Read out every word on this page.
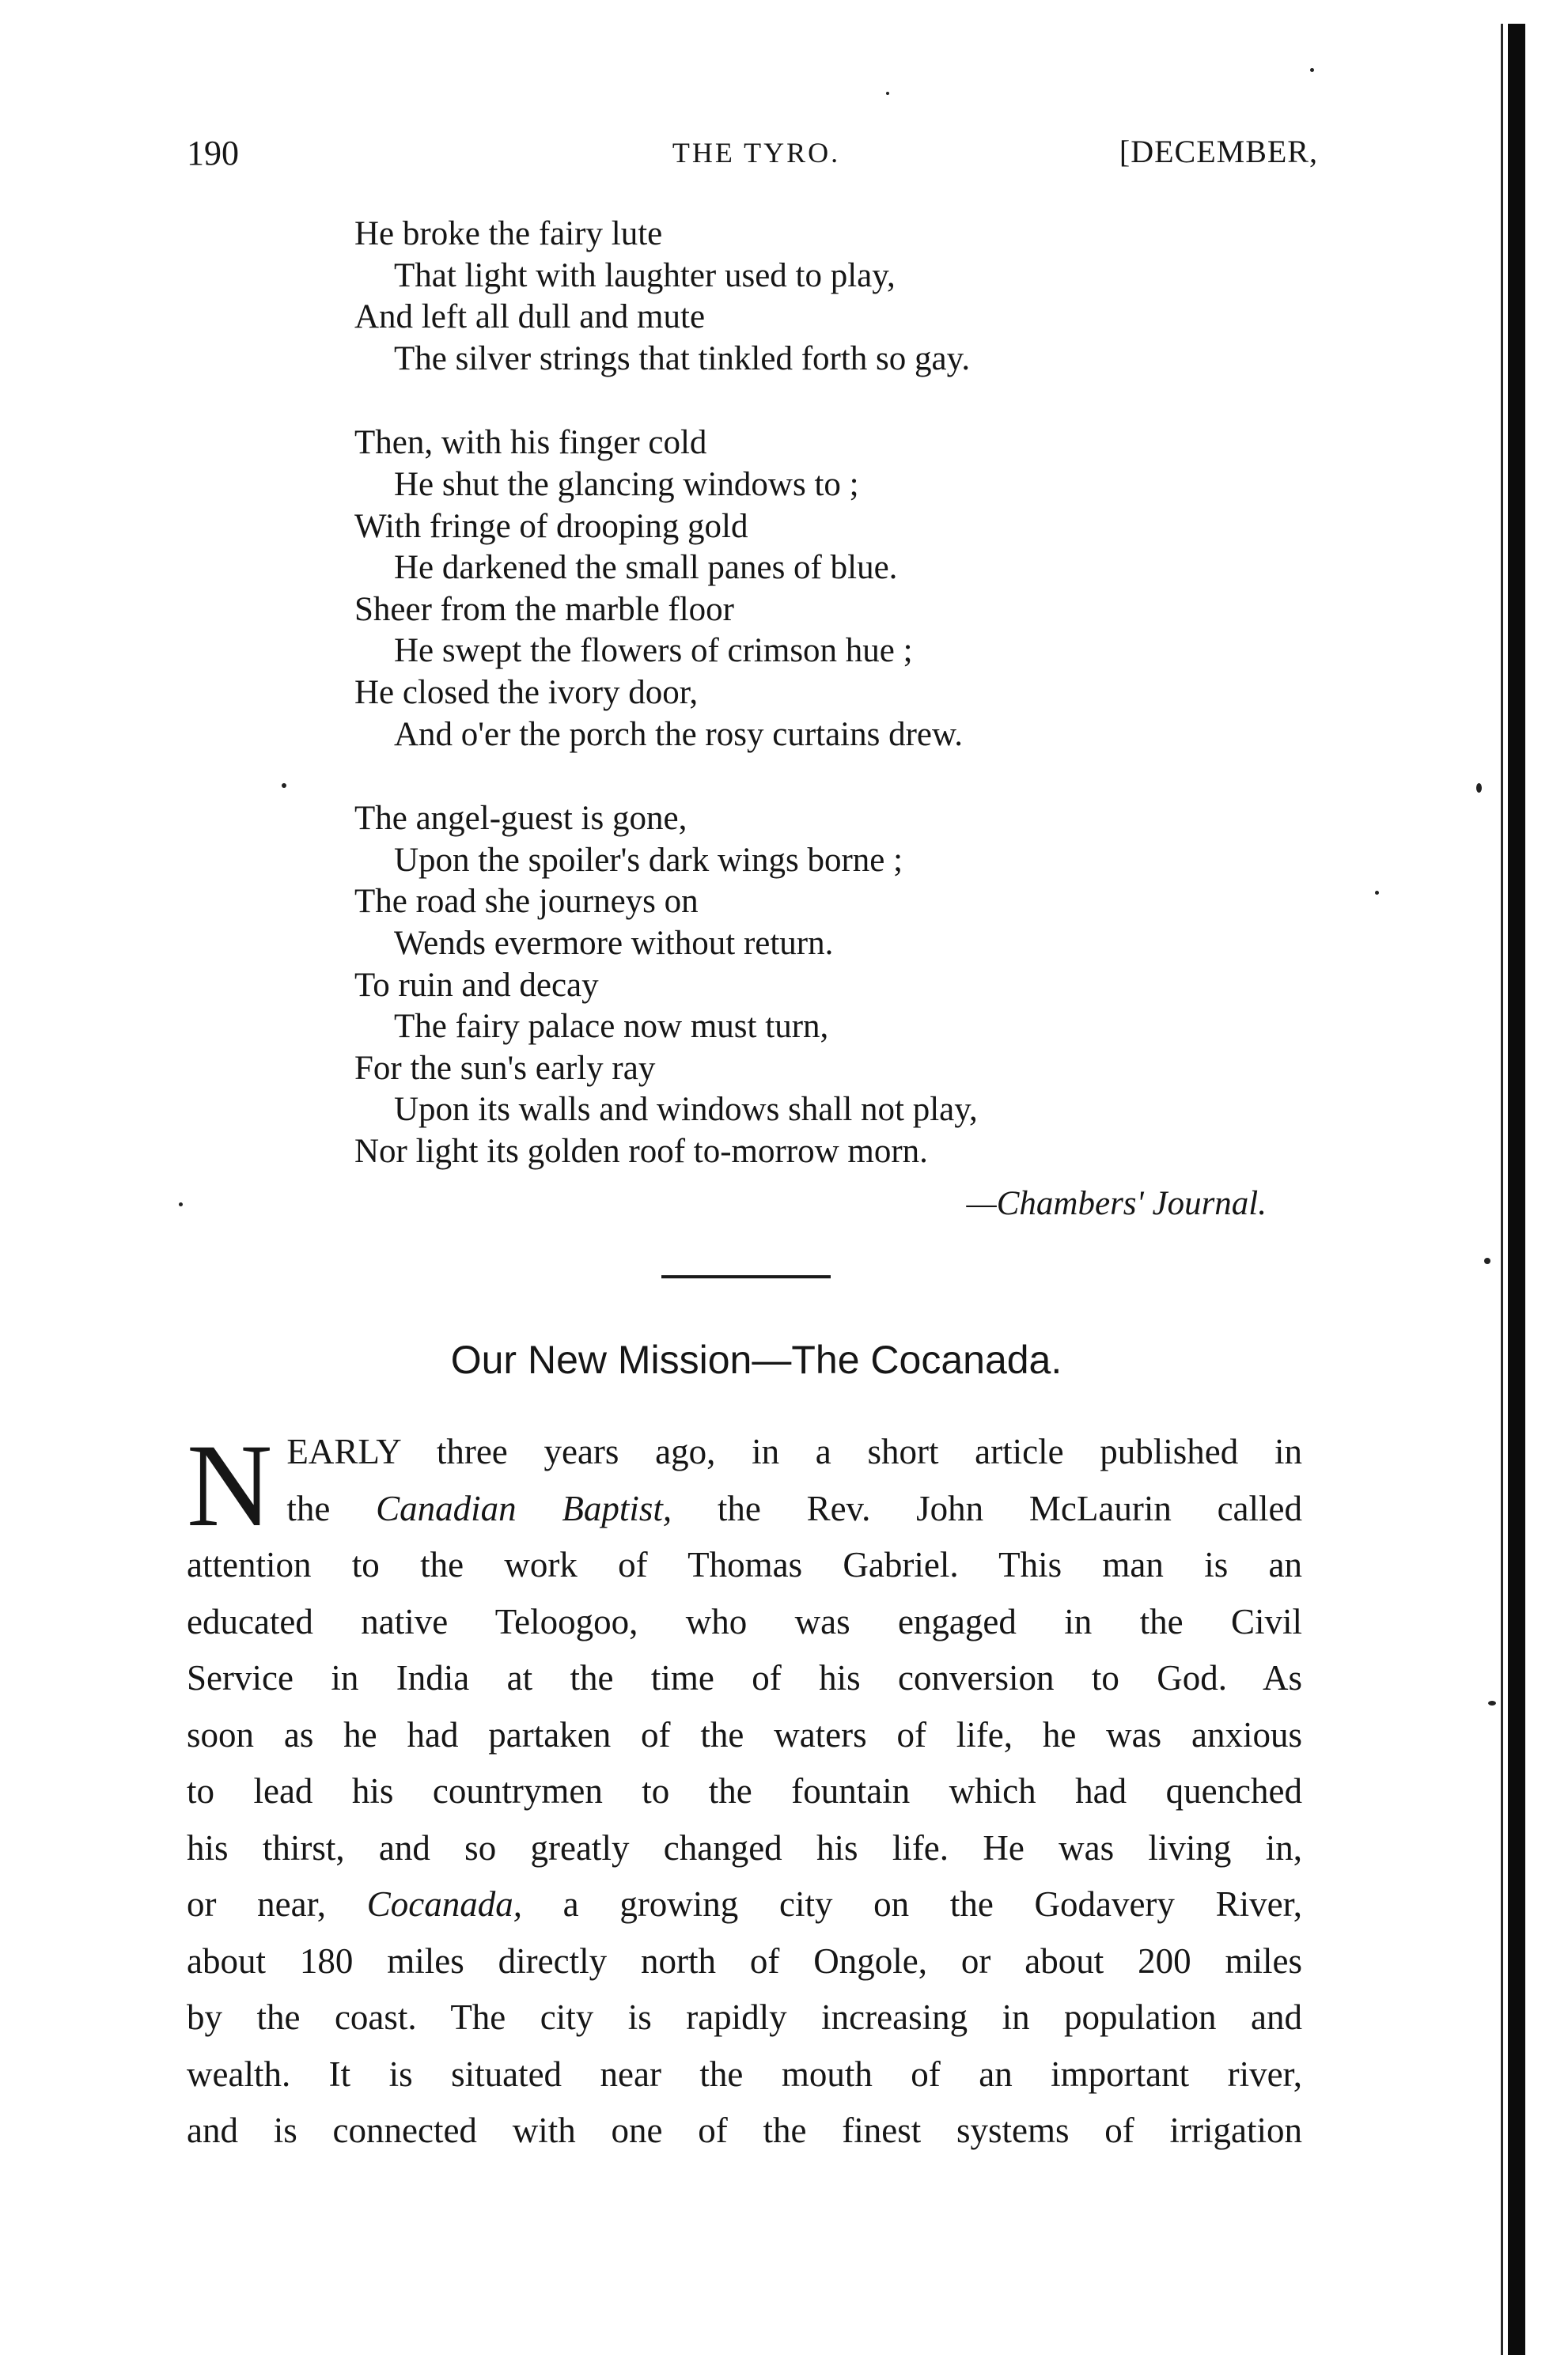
190	THE TYRO.	[DECEMBER,
He broke the fairy lute
That light with laughter used to play,
And left all dull and mute
The silver strings that tinkled forth so gay.
Then, with his finger cold
He shut the glancing windows to ;
With fringe of drooping gold
He darkened the small panes of blue.
Sheer from the marble floor
He swept the flowers of crimson hue ;
He closed the ivory door,
And o'er the porch the rosy curtains drew.
The angel-guest is gone,
Upon the spoiler's dark wings borne ;
The road she journeys on
Wends evermore without return.
To ruin and decay
The fairy palace now must turn,
For the sun's early ray
Upon its walls and windows shall not play,
Nor light its golden roof to-morrow morn.
—Chambers' Journal.
Our New Mission—The Cocanada.

N EARLY three years ago, in a short article published in
the Canadian Baptist, the Rev. John McLaurin called
attention to the work of Thomas Gabriel. This man is an
educated native Teloogoo, who was engaged in the Civil
Service in India at the time of his conversion to God. As
soon as he had partaken of the waters of life, he was anxious
to lead his countrymen to the fountain which had quenched
his thirst, and so greatly changed his life. He was living in,
or near, Cocanada, a growing city on the Godavery River,
about 180 miles directly north of Ongole, or about 200 miles
by the coast. The city is rapidly increasing in population and
wealth. It is situated near the mouth of an important river,
and is connected with one of the finest systems of irrigation
